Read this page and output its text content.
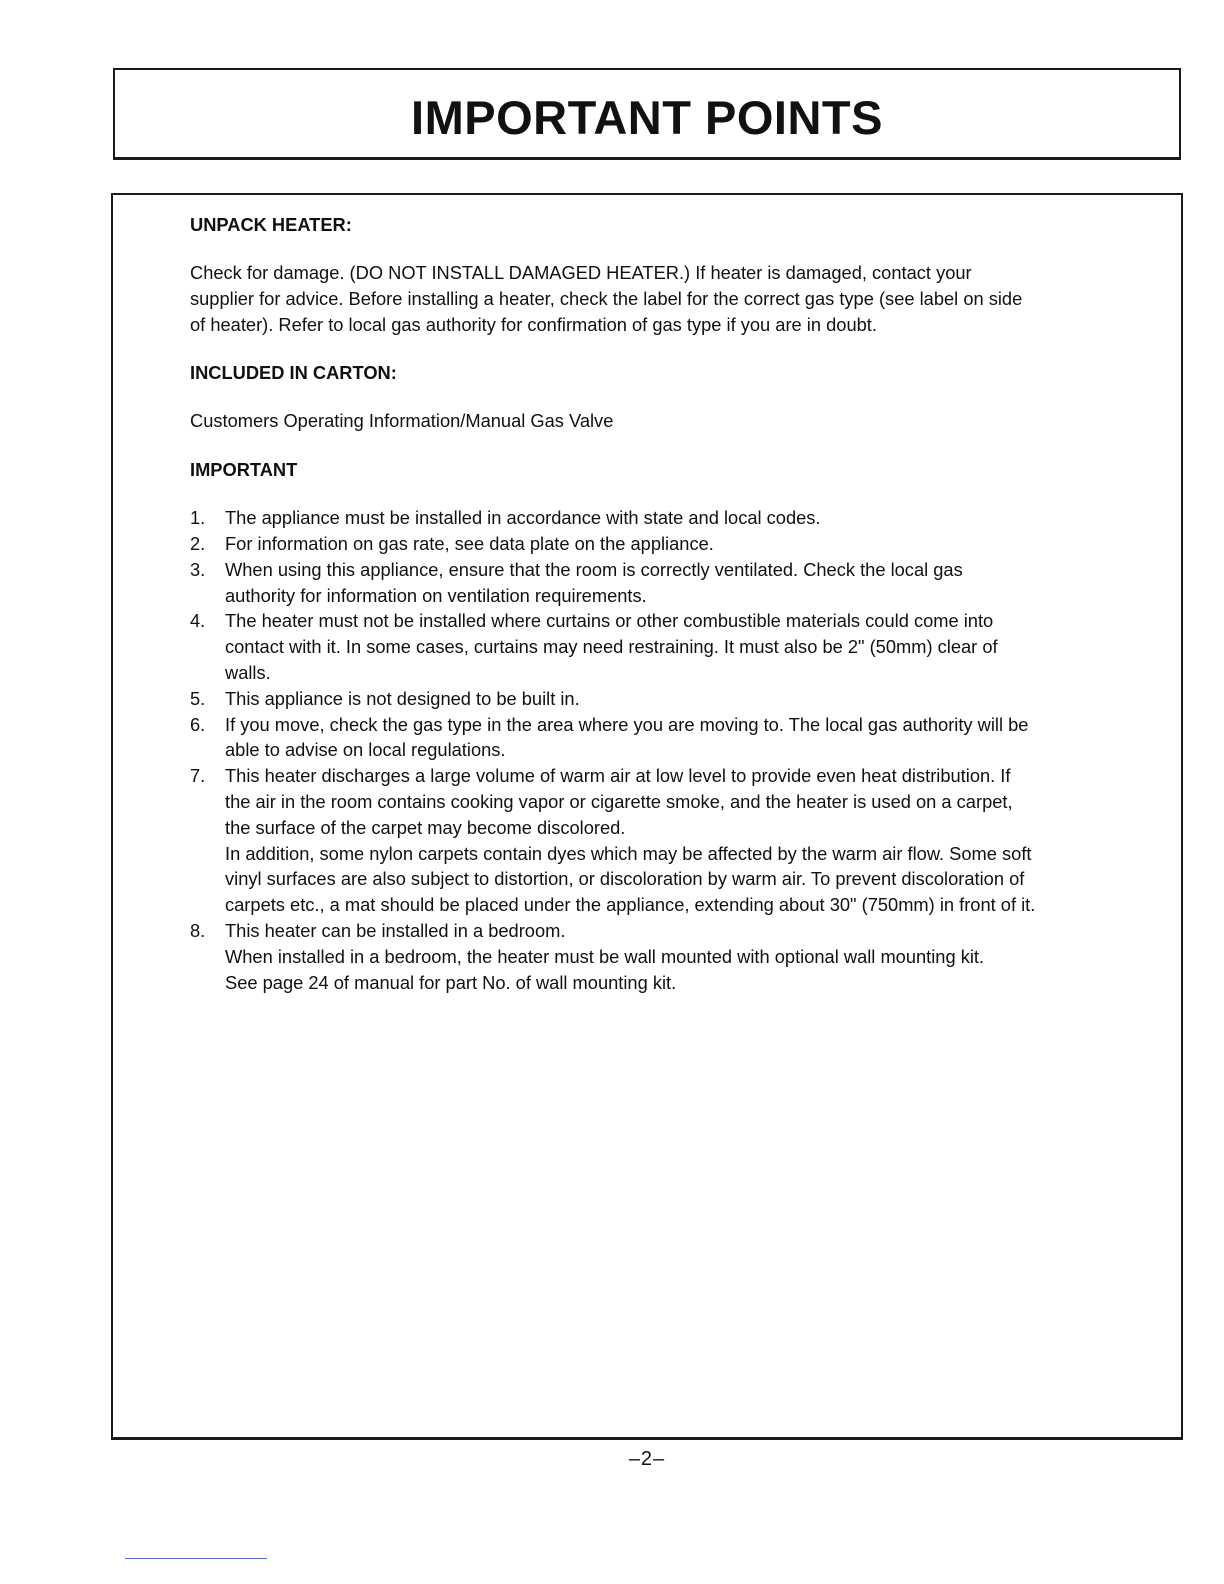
IMPORTANT POINTS

UNPACK HEATER:

Check for damage. (DO NOT INSTALL DAMAGED HEATER.) If heater is damaged, contact your
supplier for advice. Before installing a heater, check the label for the correct gas type (see label on side
of heater). Refer to local gas authority for confirmation of gas type if you are in doubt.

INCLUDED IN CARTON:

Customers Operating Information/Manual Gas Valve

IMPORTANT

1.	The appliance must be installed in accordance with state and local codes.
2.	For information on gas rate, see data plate on the appliance.
3.	When using this appliance, ensure that the room is correctly ventilated. Check the local gas
authority for information on ventilation requirements.
4.	The heater must not be installed where curtains or other combustible materials could come into
contact with it. In some cases, curtains may need restraining. It must also be 2" (50mm) clear of
walls.
5.	This appliance is not designed to be built in.
6.	If you move, check the gas type in the area where you are moving to. The local gas authority will be
able to advise on local regulations.
7.	This heater discharges a large volume of warm air at low level to provide even heat distribution. If
the air in the room contains cooking vapor or cigarette smoke, and the heater is used on a carpet,
the surface of the carpet may become discolored.
In addition, some nylon carpets contain dyes which may be affected by the warm air flow. Some soft
vinyl surfaces are also subject to distortion, or discoloration by warm air. To prevent discoloration of
carpets etc., a mat should be placed under the appliance, extending about 30" (750mm) in front of it.
8.	This heater can be installed in a bedroom.
When installed in a bedroom, the heater must be wall mounted with optional wall mounting kit.
See page 24 of manual for part No. of wall mounting kit.
–2–
